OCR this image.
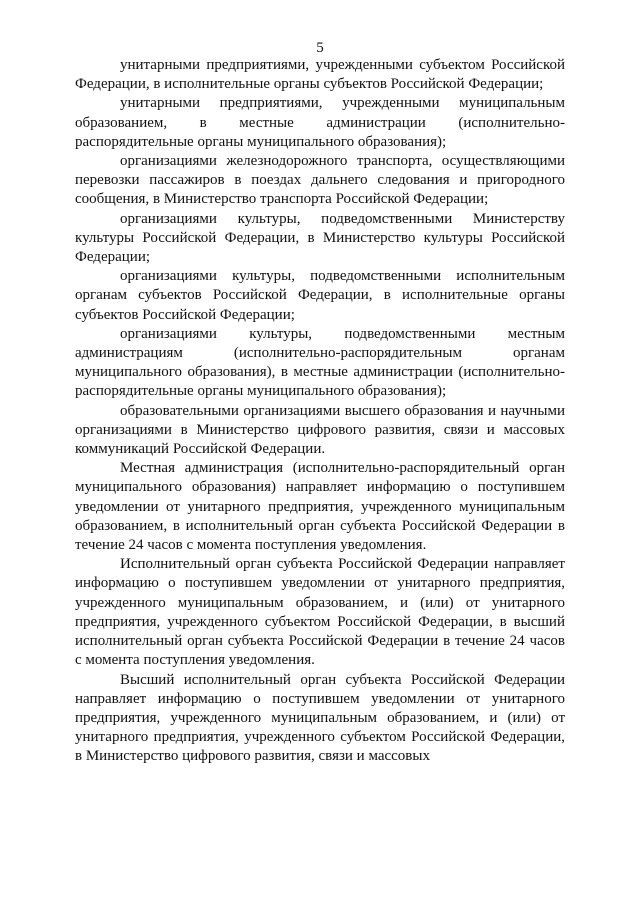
5

унитарными предприятиями, учрежденными субъектом Российской Федерации, в исполнительные органы субъектов Российской Федерации;

унитарными предприятиями, учрежденными муниципальным образованием, в местные администрации (исполнительно-распорядительные органы муниципального образования);

организациями железнодорожного транспорта, осуществляющими перевозки пассажиров в поездах дальнего следования и пригородного сообщения, в Министерство транспорта Российской Федерации;

организациями культуры, подведомственными Министерству культуры Российской Федерации, в Министерство культуры Российской Федерации;

организациями культуры, подведомственными исполнительным органам субъектов Российской Федерации, в исполнительные органы субъектов Российской Федерации;

организациями культуры, подведомственными местным администрациям (исполнительно-распорядительным органам муниципального образования), в местные администрации (исполнительно-распорядительные органы муниципального образования);

образовательными организациями высшего образования и научными организациями в Министерство цифрового развития, связи и массовых коммуникаций Российской Федерации.

Местная администрация (исполнительно-распорядительный орган муниципального образования) направляет информацию о поступившем уведомлении от унитарного предприятия, учрежденного муниципальным образованием, в исполнительный орган субъекта Российской Федерации в течение 24 часов с момента поступления уведомления.

Исполнительный орган субъекта Российской Федерации направляет информацию о поступившем уведомлении от унитарного предприятия, учрежденного муниципальным образованием, и (или) от унитарного предприятия, учрежденного субъектом Российской Федерации, в высший исполнительный орган субъекта Российской Федерации в течение 24 часов с момента поступления уведомления.

Высший исполнительный орган субъекта Российской Федерации направляет информацию о поступившем уведомлении от унитарного предприятия, учрежденного муниципальным образованием, и (или) от унитарного предприятия, учрежденного субъектом Российской Федерации, в Министерство цифрового развития, связи и массовых
